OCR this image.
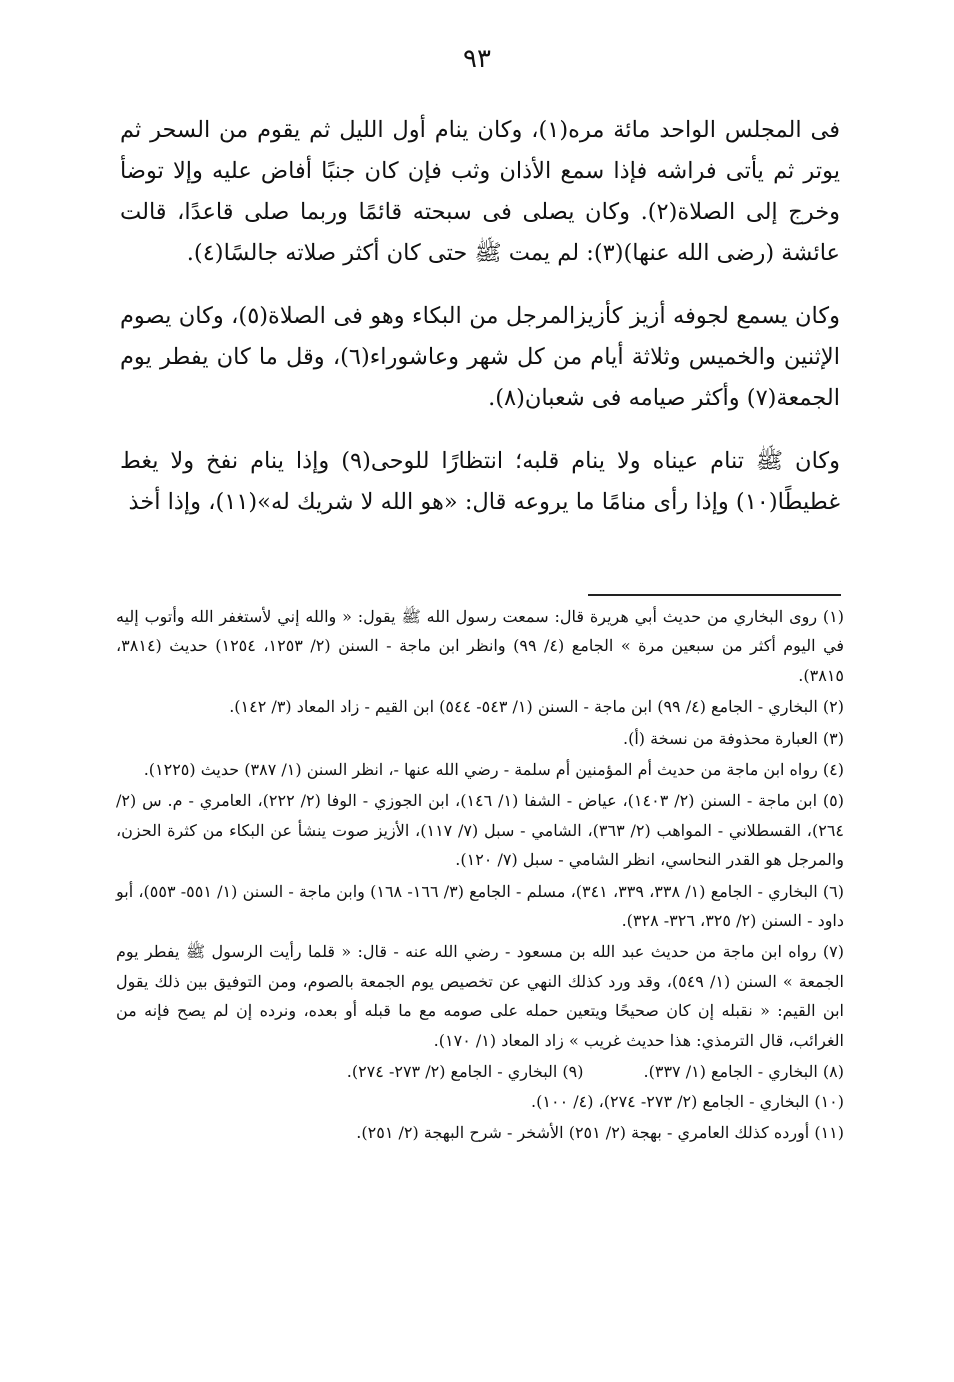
٩٣

فى المجلس الواحد مائة مره(١)، وكان ينام أول الليل ثم يقوم من السحر ثم يوتر ثم يأتى فراشه فإذا سمع الأذان وثب فإن كان جنبًا أفاض عليه وإلا توضأ وخرج إلى الصلاة(٢). وكان يصلى فى سبحته قائمًا وربما صلى قاعدًا، قالت عائشة (رضى الله عنها)(٣): لم يمت ﷺ حتى كان أكثر صلاته جالسًا(٤).

وكان يسمع لجوفه أزيز كأزيزالمرجل من البكاء وهو فى الصلاة(٥)، وكان يصوم الإثنين والخميس وثلاثة أيام من كل شهر وعاشوراء(٦)، وقل ما كان يفطر يوم الجمعة(٧) وأكثر صيامه فى شعبان(٨).

وكان ﷺ تنام عيناه ولا ينام قلبه؛ انتظارًا للوحى(٩) وإذا ينام نفخ ولا يغط غطيطًا(١٠) وإذا رأى منامًا ما يروعه قال: «هو الله لا شريك له»(١١)، وإذا أخذ

(١) روى البخاري من حديث أبي هريرة قال: سمعت رسول الله ﷺ يقول: « والله إني لأستغفر الله وأتوب إليه في اليوم أكثر من سبعين مرة » الجامع (٤/ ٩٩) وانظر ابن ماجة - السنن (٢/ ١٢٥٣، ١٢٥٤) حديث (٣٨١٤، ٣٨١٥).

(٢) البخاري - الجامع (٤/ ٩٩) ابن ماجة - السنن (١/ ٥٤٣- ٥٤٤) ابن القيم - زاد المعاد (٣/ ١٤٢).

(٣) العبارة محذوفة من نسخة (أ).

(٤) رواه ابن ماجة من حديث أم المؤمنين أم سلمة - رضي الله عنها -، انظر السنن (١/ ٣٨٧) حديث (١٢٢٥).

(٥) ابن ماجة - السنن (٢/ ١٤٠٣)، عياض - الشفا (١/ ١٤٦)، ابن الجوزي - الوفا (٢/ ٢٢٢)، العامري - م. س (٢/ ٢٦٤)، القسطلاني - المواهب (٢/ ٣٦٣)، الشامي - سبل (٧/ ١١٧)، الأزيز صوت ينشأ عن البكاء من كثرة الحزن، والمرجل هو القدر النحاسي، انظر الشامي - سبل (٧/ ١٢٠).

(٦) البخاري - الجامع (١/ ٣٣٨، ٣٣٩، ٣٤١)، مسلم - الجامع (٣/ ١٦٦- ١٦٨) وابن ماجة - السنن (١/ ٥٥١- ٥٥٣)، أبو داود - السنن (٢/ ٣٢٥، ٣٢٦- ٣٢٨).

(٧) رواه ابن ماجة من حديث عبد الله بن مسعود - رضي الله عنه - قال: « قلما رأيت الرسول ﷺ يفطر يوم الجمعة » السنن (١/ ٥٤٩)، وقد ورد كذلك النهي عن تخصيص يوم الجمعة بالصوم، ومن التوفيق بين ذلك يقول ابن القيم: « نقبله إن كان صحيحًا ويتعين حمله على صومه مع ما قبله أو بعده، ونرده إن لم يصح فإنه من الغرائب، قال الترمذي: هذا حديث غريب » زاد المعاد (١/ ١٧٠).

(٨) البخاري - الجامع (١/ ٣٣٧).
(٩) البخاري - الجامع (٢/ ٢٧٣- ٢٧٤).

(١٠) البخاري - الجامع (٢/ ٢٧٣- ٢٧٤)، (٤/ ١٠٠).

(١١) أورده كذلك العامري - بهجة (٢/ ٢٥١) الأشخر - شرح البهجة (٢/ ٢٥١).
